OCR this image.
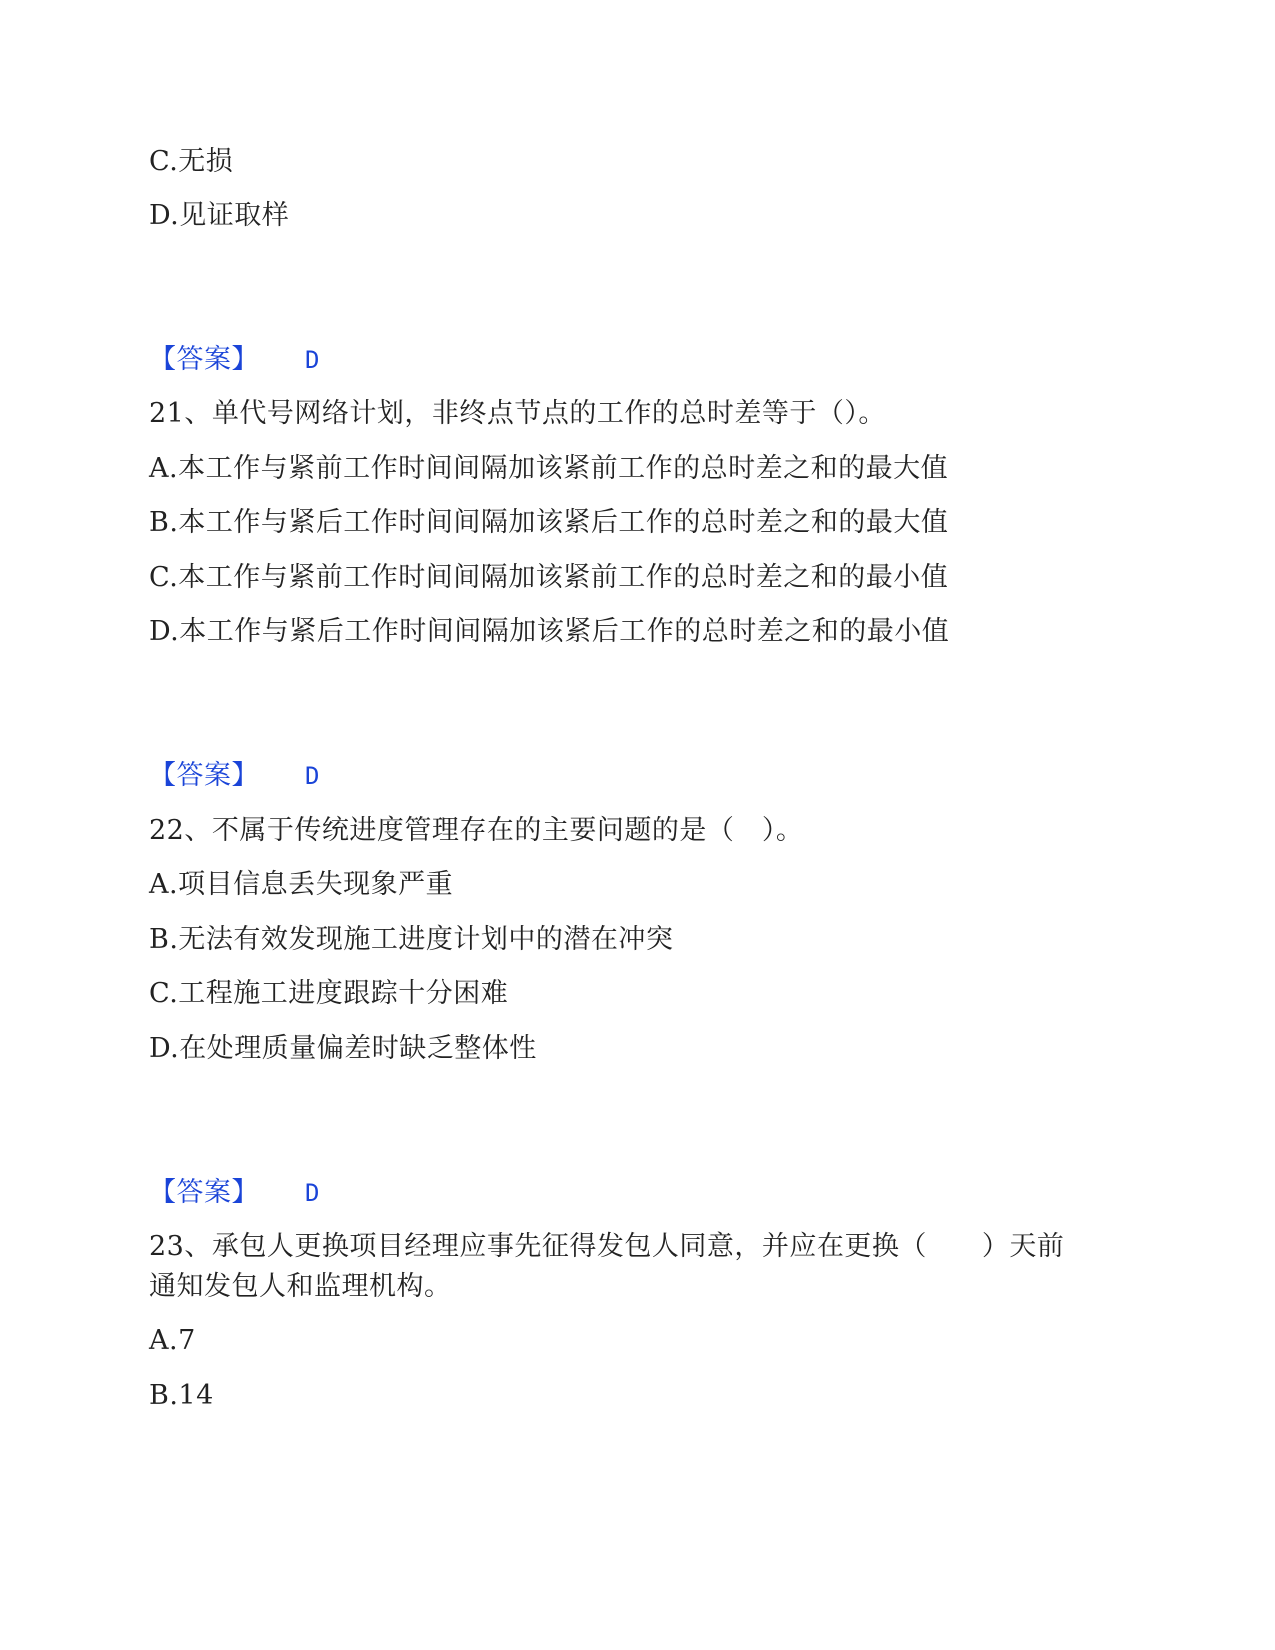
C.无损
D.见证取样
【答案】 D
21、单代号网络计划，非终点节点的工作的总时差等于（）。
A.本工作与紧前工作时间间隔加该紧前工作的总时差之和的最大值
B.本工作与紧后工作时间间隔加该紧后工作的总时差之和的最大值
C.本工作与紧前工作时间间隔加该紧前工作的总时差之和的最小值
D.本工作与紧后工作时间间隔加该紧后工作的总时差之和的最小值
【答案】 D
22、不属于传统进度管理存在的主要问题的是（　）。
A.项目信息丢失现象严重
B.无法有效发现施工进度计划中的潜在冲突
C.工程施工进度跟踪十分困难
D.在处理质量偏差时缺乏整体性
【答案】 D
23、承包人更换项目经理应事先征得发包人同意，并应在更换（　　）天前
通知发包人和监理机构。
A.7
B.14
